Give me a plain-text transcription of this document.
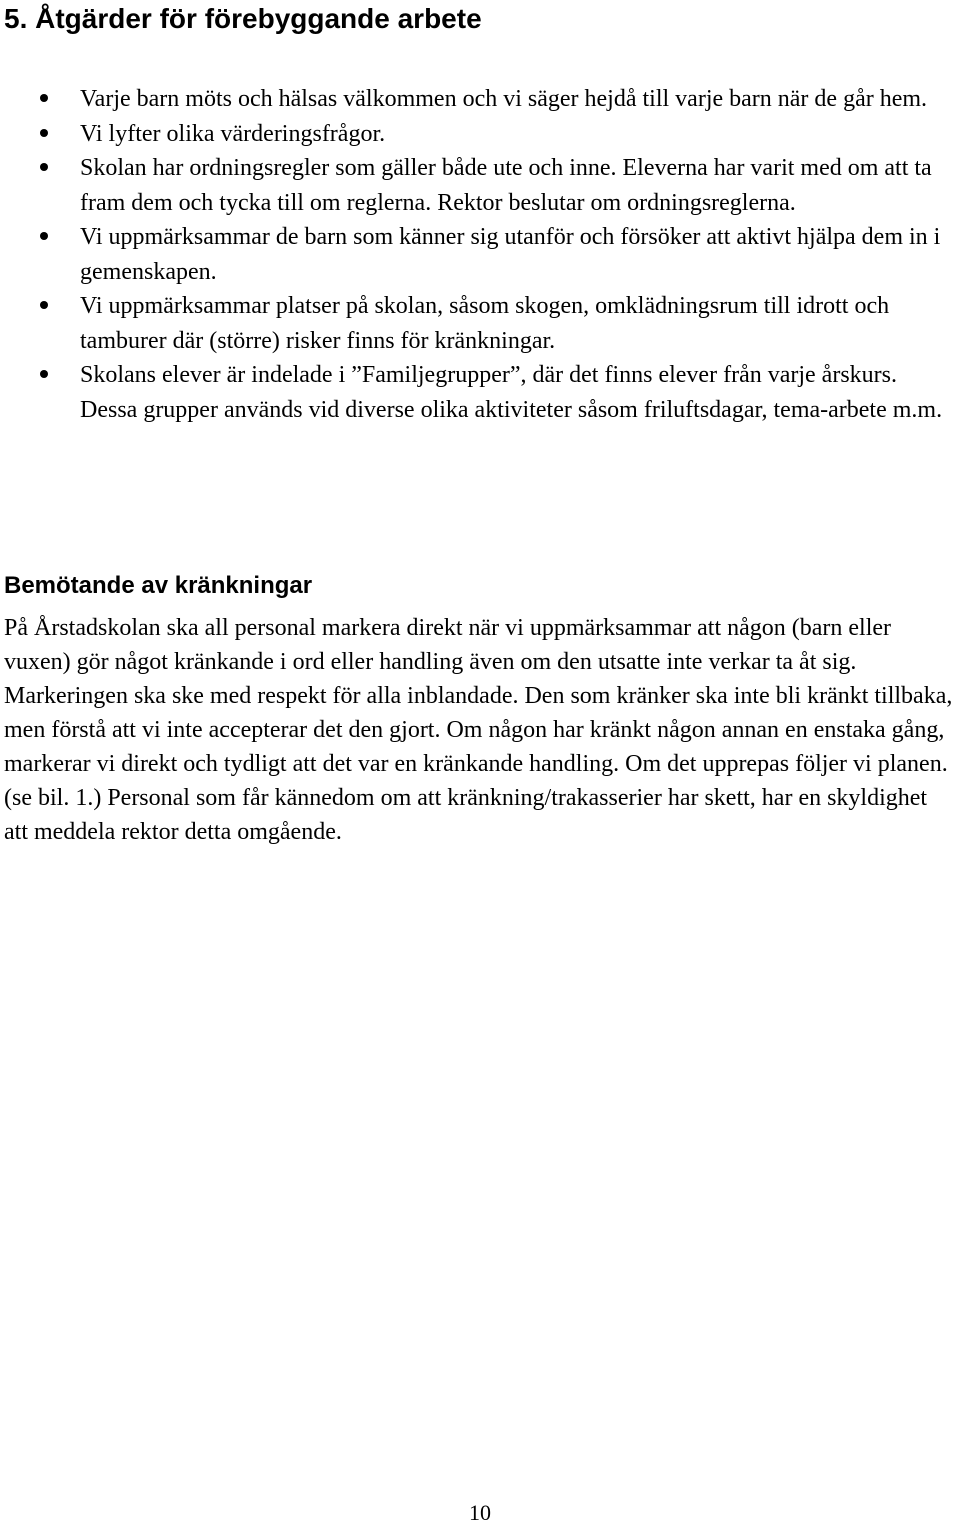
5. Åtgärder för förebyggande arbete
Varje barn möts och hälsas välkommen och vi säger hejdå till varje barn när de går hem.
Vi lyfter olika värderingsfrågor.
Skolan har ordningsregler som gäller både ute och inne. Eleverna har varit med om att ta fram dem och tycka till om reglerna. Rektor beslutar om ordningsreglerna.
Vi uppmärksammar de barn som känner sig utanför och försöker att aktivt hjälpa dem in i gemenskapen.
Vi uppmärksammar platser på skolan, såsom skogen, omklädningsrum till idrott och tamburer där (större) risker finns för kränkningar.
Skolans elever är indelade i ”Familjegrupper”, där det finns elever från varje årskurs. Dessa grupper används vid diverse olika aktiviteter såsom friluftsdagar, tema-arbete m.m.
Bemötande av kränkningar

På Årstadskolan ska all personal markera direkt när vi uppmärksammar att någon (barn eller vuxen) gör något kränkande i ord eller handling även om den utsatte inte verkar ta åt sig. Markeringen ska ske med respekt för alla inblandade. Den som kränker ska inte bli kränkt tillbaka, men förstå att vi inte accepterar det den gjort. Om någon har kränkt någon annan en enstaka gång, markerar vi direkt och tydligt att det var en kränkande handling. Om det upprepas följer vi planen. (se bil. 1.) Personal som får kännedom om att kränkning/trakasserier har skett, har en skyldighet att meddela rektor detta omgående.

10
